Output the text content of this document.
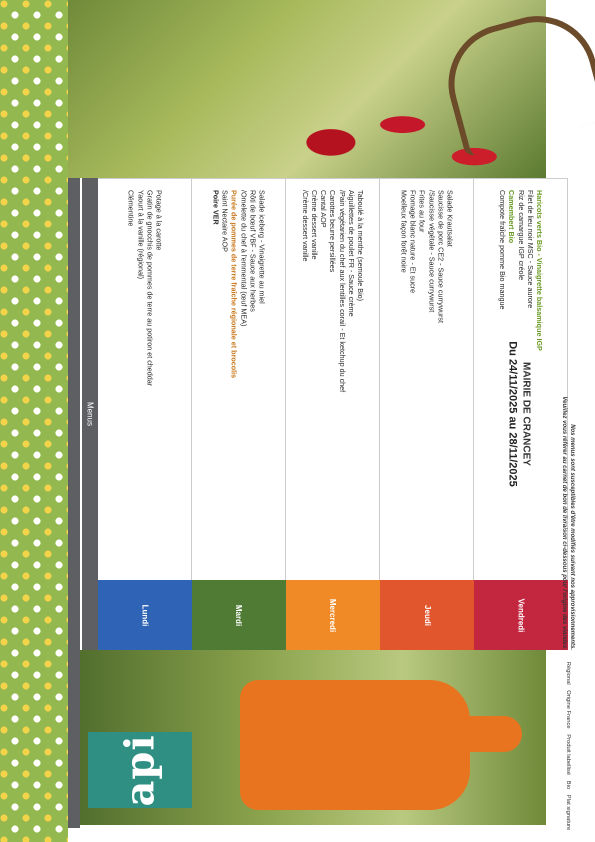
api
Menus
Potage à la carotte
Gratin de gnocchis de pommes de terre au potiron et cheddar
Yaourt à la vanille (régional)
Clémentine
Lundi
Salade iceberg - Vinaigrette au miel
Rôti de bœuf VBF - Sauce aux herbes
/Omelette du chef à l'emmental (œuf MEA)
Purée de pommes de terre fraîche régionale et brocolis
Saint Nectaire AOP
Poire VER
Mardi
Taboulé à la menthe (semoule Bio)
Aiguillettes de poulet FR - Sauce crème
/Pain végétarien du chef aux lentilles corail - Et ketchup du chef
Carottes beurre persillées
Cantal AOP
Crème dessert vanille
/Crème dessert vanille
Mercredi
Salade Krautsalat
Saucisse de porc CE2 - Sauce currywurst
/Saucisse végétale - Sauce currywurst
Frites au four
Fromage blanc nature - Et sucre
Moelleux façon forêt noire
Jeudi
Haricots verts Bio - Vinaigrette balsamique IGP
Filet de lieu noir MSC - Sauce aurore
Riz de camargue IGP créole
Camembert Bio
Compote fraîche pomme Bio mangue
Vendredi
MAIRIE DE CRANCEY
Du 24/11/2025 au 28/11/2025

Nos menus sont susceptibles d'être modifiés suivant nos approvisionnements.

Veuillez vous référer au carnet de bon de livraison ci-dessous pour l'origine des viandes.

Régional Origine France Produit labellisé Bio Plat signature
